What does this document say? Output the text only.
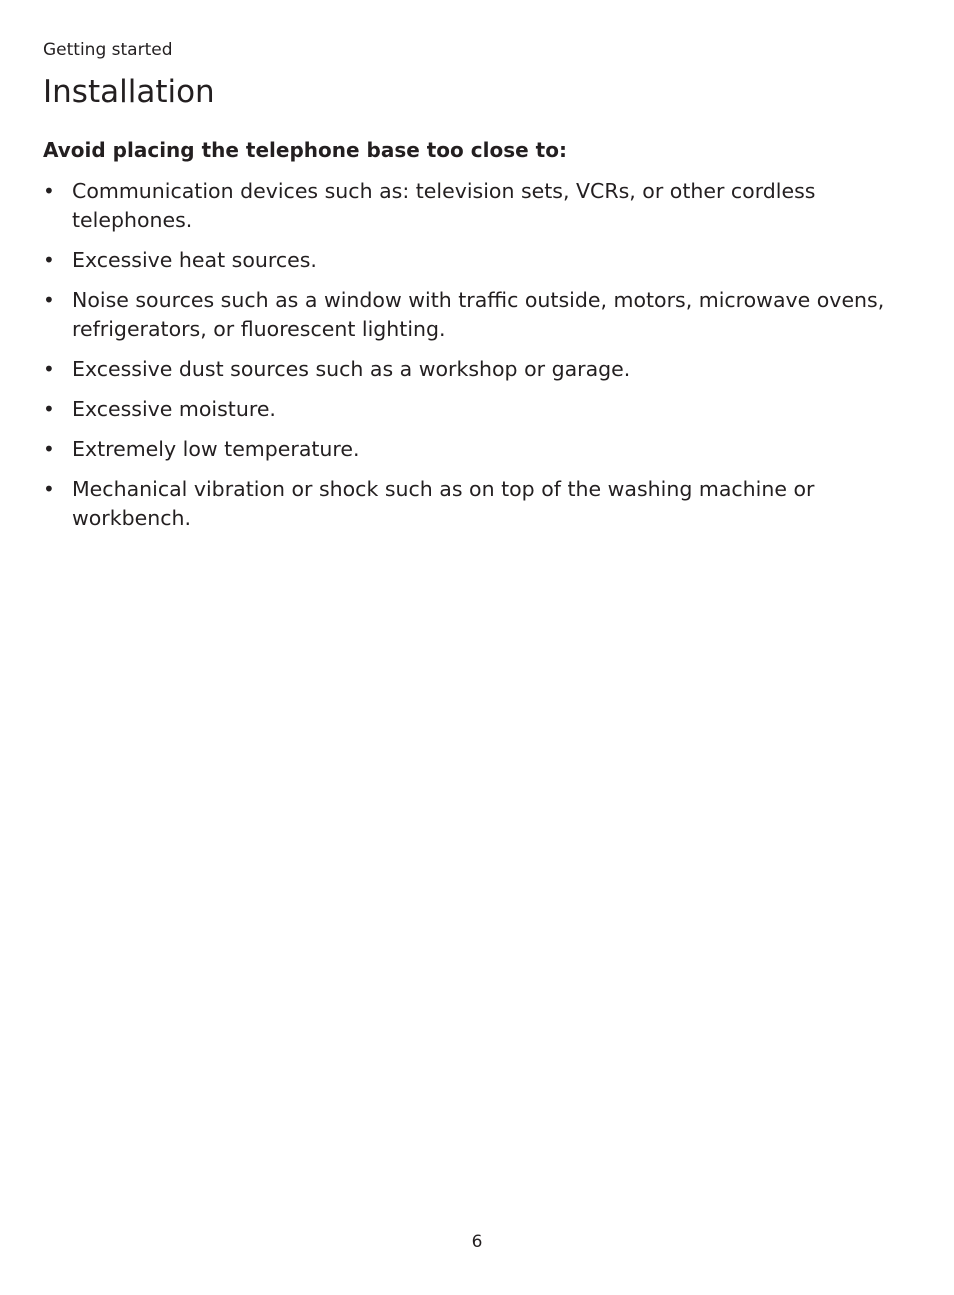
Getting started
Installation
Avoid placing the telephone base too close to:
• Communication devices such as: television sets, VCRs, or other cordless telephones.
• Excessive heat sources.
• Noise sources such as a window with traffic outside, motors, microwave ovens, refrigerators, or fluorescent lighting.
• Excessive dust sources such as a workshop or garage.
• Excessive moisture.
• Extremely low temperature.
• Mechanical vibration or shock such as on top of the washing machine or workbench.
6
